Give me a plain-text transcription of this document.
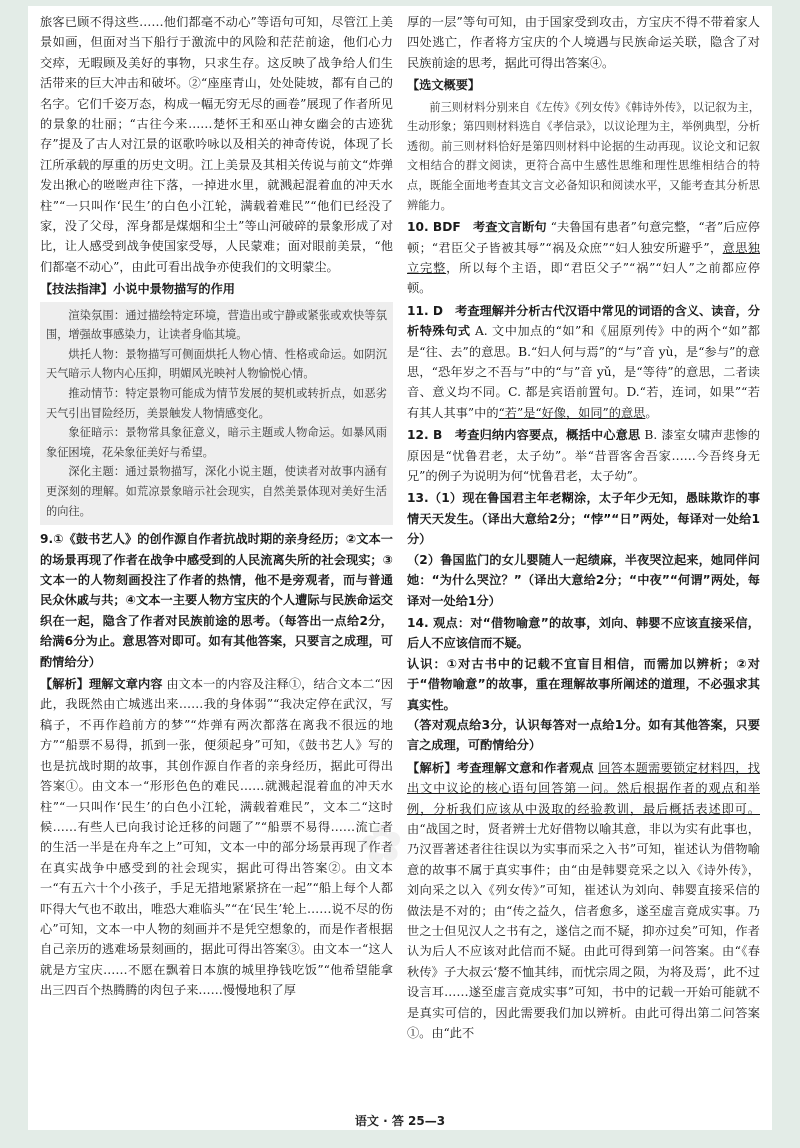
旅客已顾不得这些……他们都毫不动心”等语句可知，尽管江上美景如画，但面对当下船行于激流中的风险和茫茫前途，他们心力交瘁，无暇顾及美好的事物，只求生存。这反映了战争给人们生活带来的巨大冲击和破坏。②“座座青山，处处陡坡，都有自己的名字。它们千姿万态，构成一幅无穷无尽的画卷”展现了作者所见的景象的壮丽；“古往今来……楚怀王和巫山神女幽会的古迹犹存”提及了古人对江景的讴歌吟咏以及相关的神奇传说，体现了长江所承载的厚重的历史文明。江上美景及其相关传说与前文“炸弹发出揪心的咝咝声往下落，一掉进水里，就溅起混着血的冲天水柱”“一只叫作‘民生’的白色小江轮，满载着难民”“他们已经没了家，没了父母，浑身都是煤烟和尘土”等山河破碎的景象形成了对比，让人感受到战争使国家受辱，人民蒙难；面对眼前美景，“他们都毫不动心”，由此可看出战争亦使我们的文明蒙尘。

【技法指津】小说中景物描写的作用

渲染氛围：通过描绘特定环境，营造出或宁静或紧张或欢快等氛围，增强故事感染力，让读者身临其境。

烘托人物：景物描写可侧面烘托人物心情、性格或命运。如阴沉天气暗示人物内心压抑，明媚风光映衬人物愉悦心情。

推动情节：特定景物可能成为情节发展的契机或转折点，如恶劣天气引出冒险经历，美景触发人物情感变化。

象征暗示：景物常具象征意义，暗示主题或人物命运。如暴风雨象征困境，花朵象征美好与希望。

深化主题：通过景物描写，深化小说主题，使读者对故事内涵有更深刻的理解。如荒凉景象暗示社会现实，自然美景体现对美好生活的向往。

9.①《鼓书艺人》的创作源自作者抗战时期的亲身经历；②文本一的场景再现了作者在战争中感受到的人民流离失所的社会现实；③文本一的人物刻画投注了作者的热情，他不是旁观者，而与普通民众休戚与共；④文本一主要人物方宝庆的个人遭际与民族命运交织在一起，隐含了作者对民族前途的思考。（每答出一点给2分，给满6分为止。意思答对即可。如有其他答案，只要言之成理，可酌情给分）

【解析】理解文章内容 由文本一的内容及注释①，结合文本二“因此，我既然由亡城逃出来……我的身体弱”“我决定停在武汉，写稿子，不再作趋前方的梦”“炸弹有两次都落在离我不很远的地方”“船票不易得，抓到一张，便须起身”可知，《鼓书艺人》写的也是抗战时期的故事，其创作源自作者的亲身经历，据此可得出答案①。由文本一“形形色色的难民……就溅起混着血的冲天水柱”“一只叫作‘民生’的白色小江轮，满载着难民”，文本二“这时候……有些人已向我讨论迁移的问题了”“船票不易得……流亡者的生活一半是在舟车之上”可知，文本一中的部分场景再现了作者在真实战争中感受到的社会现实，据此可得出答案②。由文本一“有五六十个小孩子，手足无措地紧紧挤在一起”“船上每个人都吓得大气也不敢出，唯恐大难临头”“在‘民生’轮上……说不尽的伤心”可知，文本一中人物的刻画并不是凭空想象的，而是作者根据自己亲历的逃难场景刻画的，据此可得出答案③。由文本一“这人就是方宝庆……不愿在飘着日本旗的城里挣钱吃饭”“他希望能拿出三四百个热腾腾的肉包子来……慢慢地积了厚

厚的一层”等句可知，由于国家受到攻击，方宝庆不得不带着家人四处逃亡，作者将方宝庆的个人境遇与民族命运关联，隐含了对民族前途的思考，据此可得出答案④。

【选文概要】

前三则材料分别来自《左传》《列女传》《韩诗外传》，以记叙为主，生动形象；第四则材料选自《孝信录》，以议论理为主，举例典型，分析透彻。前三则材料恰好是第四则材料中论据的生动再现。议论文和记叙文相结合的群文阅读，更符合高中生感性思维和理性思维相结合的特点，既能全面地考查其文言文必备知识和阅读水平，又能考查其分析思辨能力。

10. BDF　考查文言断句 “夫鲁国有患者”句意完整，“者”后应停顿；“君臣父子皆被其辱”“祸及众庶”“妇人独安所避乎”，意思独立完整，所以每个主语，即“君臣父子”“祸”“妇人”之前都应停顿。

11. D　考查理解并分析古代汉语中常见的词语的含义、读音，分析特殊句式 A. 文中加点的“如”和《屈原列传》中的两个“如”都是“往、去”的意思。B.“妇人何与焉”的“与”音 yù，是“参与”的意思，“恐年岁之不吾与”中的“与”音 yǔ，是“等待”的意思，二者读音、意义均不同。C. 都是宾语前置句。D.“若，连词，如果”“若有其人其事”中的“若”是“好像，如同”的意思。

12. B　考查归纳内容要点，概括中心意思 B. 漆室女啸声悲惨的原因是“忧鲁君老，太子幼”。举“昔晋客舍吾家……今吾终身无兄”的例子为说明为何“忧鲁君老，太子幼”。

13.（1）现在鲁国君主年老糊涂，太子年少无知，愚昧欺诈的事情天天发生。（译出大意给2分；“悖”“日”两处，每译对一处给1分）

（2）鲁国监门的女儿婴随人一起绩麻，半夜哭泣起来，她同伴问她：“为什么哭泣？”（译出大意给2分；“中夜”“何谓”两处，每译对一处给1分）

14. 观点：对“借物喻意”的故事，刘向、韩婴不应该直接采信，后人不应该信而不疑。

认识：①对古书中的记载不宜盲目相信，而需加以辨析；②对于“借物喻意”的故事，重在理解故事所阐述的道理，不必强求其真实性。

（答对观点给3分，认识每答对一点给1分。如有其他答案，只要言之成理，可酌情给分）

【解析】考查理解文意和作者观点 回答本题需要锁定材料四，找出文中议论的核心语句回答第一问。然后根据作者的观点和举例，分析我们应该从中汲取的经验教训，最后概括表述即可。由“战国之时，贤者辨士尤好借物以喻其意，非以为实有此事也，乃汉晋著述者往往误以为实事而采之入书”可知，崔述认为借物喻意的故事不属于真实事件；由“由是韩婴竞采之以入《诗外传》，刘向采之以入《列女传》”可知，崔述认为刘向、韩婴直接采信的做法是不对的；由“传之益久，信者愈多，遂至虚言竟成实事。乃世之士但见汉人之书有之，遂信之而不疑，抑亦过矣”可知，作者认为后人不应该对此信而不疑。由此可得到第一问答案。由“《春秋传》子大叔云‘嫠不恤其纬，而忧宗周之陨，为将及焉’，此不过设言耳……遂至虚言竟成实事”可知，书中的记载一开始可能就不是真实可信的，因此需要我们加以辨析。由此可得出第二问答案①。由“此不

✿
语文 · 答 25—3
